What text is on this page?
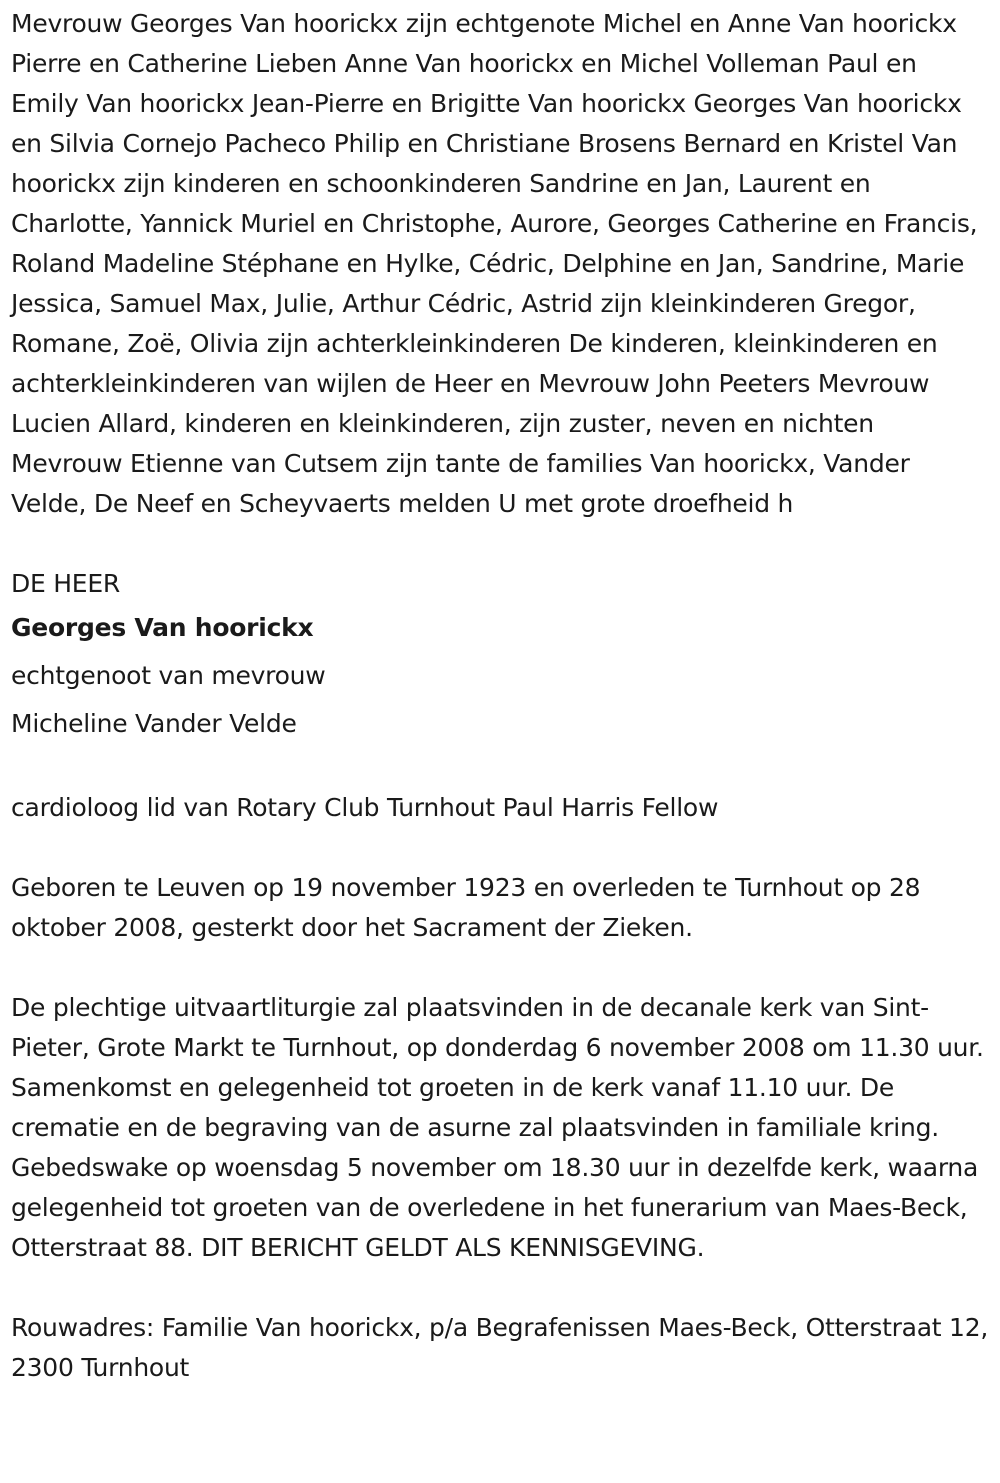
Mevrouw Georges Van hoorickx zijn echtgenote Michel en Anne Van hoorickx Pierre en Catherine Lieben Anne Van hoorickx en Michel Volleman Paul en Emily Van hoorickx Jean-Pierre en Brigitte Van hoorickx Georges Van hoorickx en Silvia Cornejo Pacheco Philip en Christiane Brosens Bernard en Kristel Van hoorickx zijn kinderen en schoonkinderen Sandrine en Jan, Laurent en Charlotte, Yannick Muriel en Christophe, Aurore, Georges Catherine en Francis, Roland Madeline Stéphane en Hylke, Cédric, Delphine en Jan, Sandrine, Marie Jessica, Samuel Max, Julie, Arthur Cédric, Astrid zijn kleinkinderen Gregor, Romane, Zoë, Olivia zijn achterkleinkinderen De kinderen, kleinkinderen en achterkleinkinderen van wijlen de Heer en Mevrouw John Peeters Mevrouw Lucien Allard, kinderen en kleinkinderen, zijn zuster, neven en nichten Mevrouw Etienne van Cutsem zijn tante de families Van hoorickx, Vander Velde, De Neef en Scheyvaerts melden U met grote droefheid h

DE HEER

Georges Van hoorickx

echtgenoot van mevrouw

Micheline Vander Velde

cardioloog lid van Rotary Club Turnhout Paul Harris Fellow

Geboren te Leuven op 19 november 1923 en overleden te Turnhout op 28 oktober 2008, gesterkt door het Sacrament der Zieken.

De plechtige uitvaartliturgie zal plaatsvinden in de decanale kerk van Sint-Pieter, Grote Markt te Turnhout, op donderdag 6 november 2008 om 11.30 uur. Samenkomst en gelegenheid tot groeten in de kerk vanaf 11.10 uur. De crematie en de begraving van de asurne zal plaatsvinden in familiale kring. Gebedswake op woensdag 5 november om 18.30 uur in dezelfde kerk, waarna gelegenheid tot groeten van de overledene in het funerarium van Maes-Beck, Otterstraat 88. DIT BERICHT GELDT ALS KENNISGEVING.

Rouwadres: Familie Van hoorickx, p/a Begrafenissen Maes-Beck, Otterstraat 12, 2300 Turnhout
